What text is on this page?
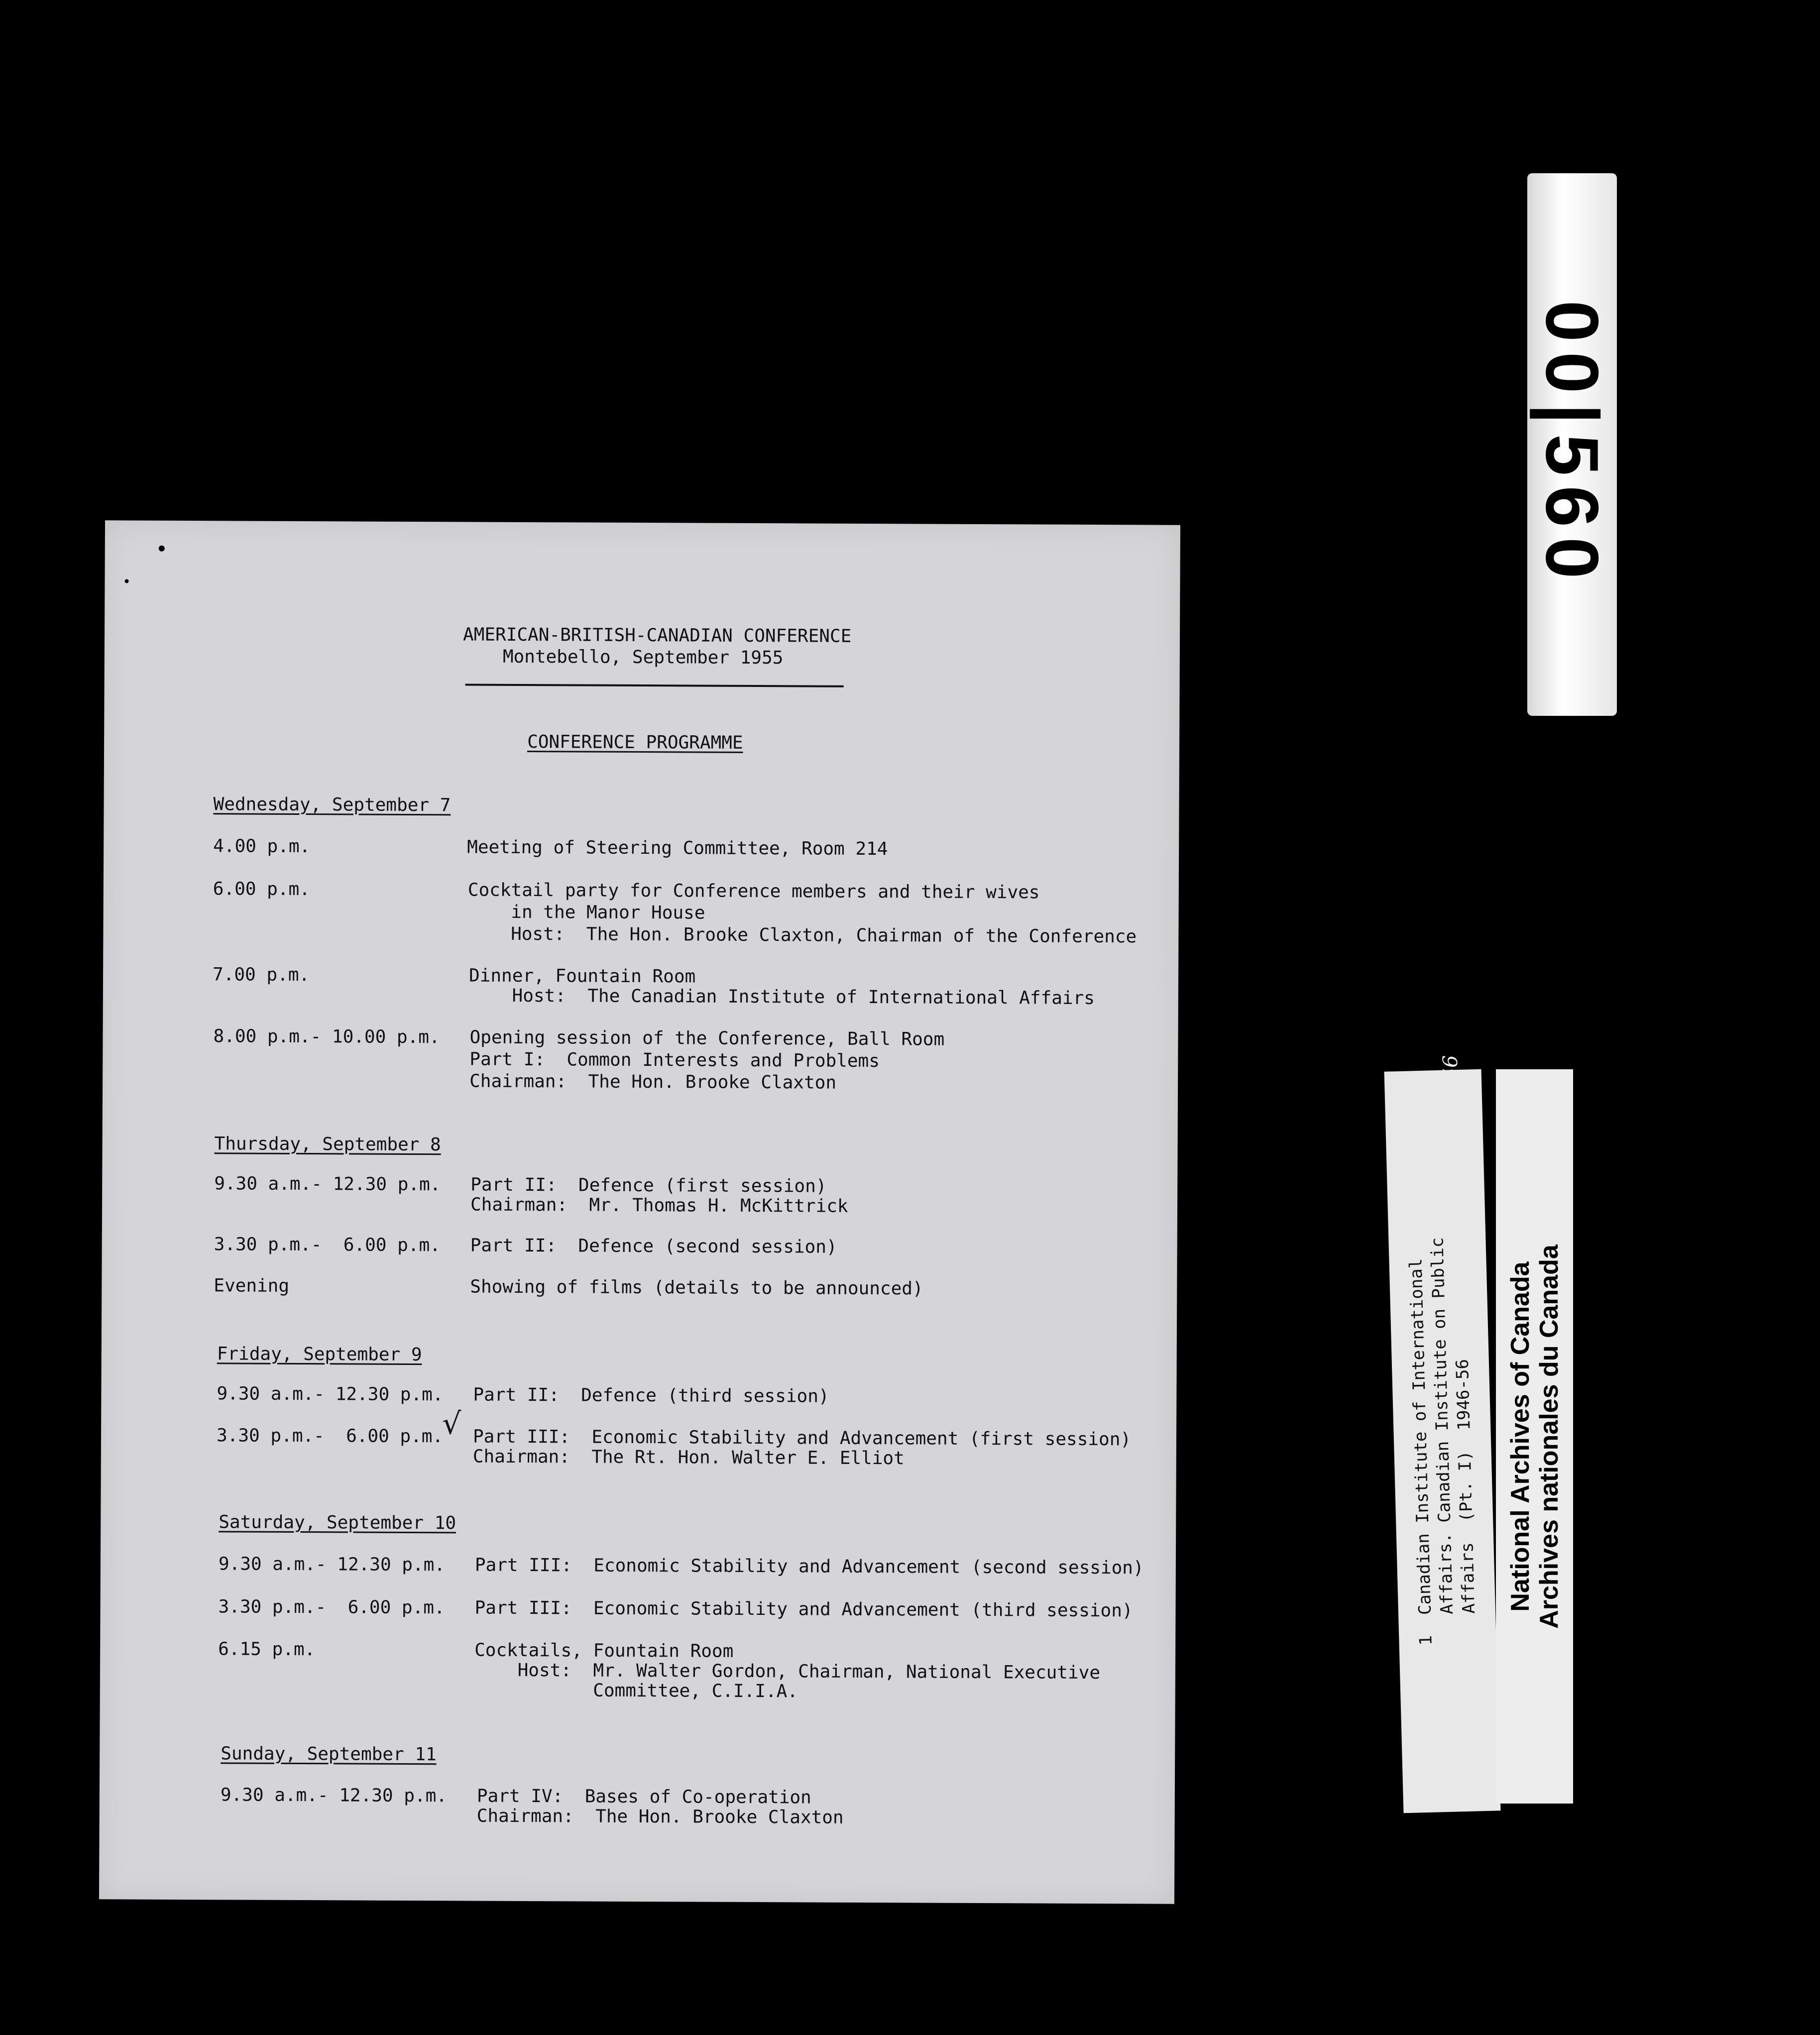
00|560
AMERICAN-BRITISH-CANADIAN CONFERENCE
Montebello, September 1955
CONFERENCE PROGRAMME
Wednesday, September 7
4.00 p.m.	Meeting of Steering Committee, Room 214
6.00 p.m.	Cocktail party for Conference members and their wives
in the Manor House
Host:  The Hon. Brooke Claxton, Chairman of the Conference
7.00 p.m.	Dinner, Fountain Room
Host:  The Canadian Institute of International Affairs
8.00 p.m.- 10.00 p.m. Opening session of the Conference, Ball Room
Part I:  Common Interests and Problems
Chairman:  The Hon. Brooke Claxton
Thursday, September 8
9.30 a.m.- 12.30 p.m. Part II:  Defence (first session)
Chairman:  Mr. Thomas H. McKittrick
3.30 p.m.-  6.00 p.m. Part II:  Defence (second session)
Evening	Showing of films (details to be announced)
Friday, September 9
9.30 a.m.- 12.30 p.m. Part II:  Defence (third session)
3.30 p.m.-  6.00 p.m. Part III:  Economic Stability and Advancement (first session)
Chairman:  The Rt. Hon. Walter E. Elliot
√
Saturday, September 10
9.30 a.m.- 12.30 p.m. Part III:  Economic Stability and Advancement (second session)
3.30 p.m.-  6.00 p.m. Part III:  Economic Stability and Advancement (third session)
6.15 p.m.	Cocktails, Fountain Room
Host:  Mr. Walter Gordon, Chairman, National Executive
Committee, C.I.I.A.
Sunday, September 11
9.30 a.m.- 12.30 p.m. Part IV:  Bases of Co-operation
Chairman:  The Hon. Brooke Claxton
1  Canadian Institute of International
Affairs. Canadian Institute on Public
Affairs  (Pt. I)  1946-56 National Archives of Canada Archives nationales du Canada
